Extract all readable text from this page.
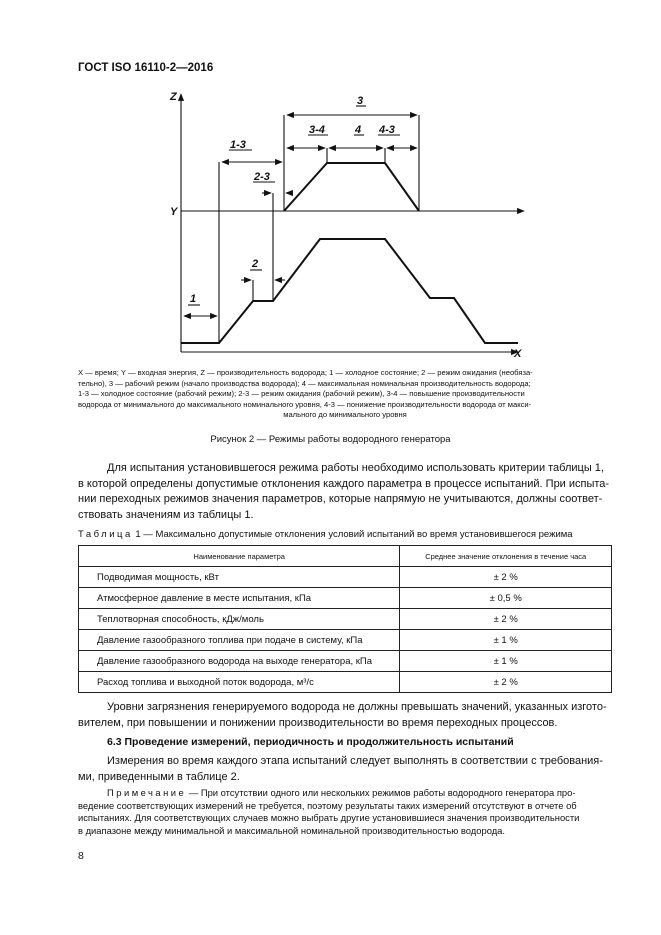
ГОСТ ISO 16110-2—2016
Z
Y
X
1
2
1-3
2-3
3
3-4	4 4-3
X — время; Y — входная энергия, Z — производительность водорода; 1 — холодное состояние; 2 — режим ожидания (необяза-
тельно), 3 — рабочий режим (начало производства водорода); 4 — максимальная номинальная производительность водорода;
1-3 — холодное состояние (рабочий режим); 2-3 — режим ожидания (рабочий режим), 3-4 — повышение производительности
водорода от минимального до максимального номинального уровня, 4-3 — понижение производительности водорода от макси-
мального до минимального уровня
Рисунок 2 — Режимы работы водородного генератора
Для испытания установившегося режима работы необходимо использовать критерии таблицы 1,
в которой определены допустимые отклонения каждого параметра в процессе испытаний. При испыта-
нии переходных режимов значения параметров, которые напрямую не учитываются, должны соответ-
ствовать значениям из таблицы 1.
Таблица 1 — Максимально допустимые отклонения условий испытаний во время установившегося режима
Наименование параметра	Среднее значение отклонения в течение часа
Подводимая мощность, кВт	± 2 %
Атмосферное давление в месте испытания, кПа	± 0,5 %
Теплотворная способность, кДж/моль	± 2 %
Давление газообразного топлива при подаче в систему, кПа	± 1 %
Давление газообразного водорода на выходе генератора, кПа	± 1 %
Расход топлива и выходной поток водорода, м³/с	± 2 %
Уровни загрязнения генерируемого водорода не должны превышать значений, указанных изгото-
вителем, при повышении и понижении производительности во время переходных процессов.
6.3 Проведение измерений, периодичность и продолжительность испытаний
Измерения во время каждого этапа испытаний следует выполнять в соответствии с требования-
ми, приведенными в таблице 2.
Примечание — При отсутствии одного или нескольких режимов работы водородного генератора про-
ведение соответствующих измерений не требуется, поэтому результаты таких измерений отсутствуют в отчете об
испытаниях. Для соответствующих случаев можно выбрать другие установившиеся значения производительности
в диапазоне между минимальной и максимальной номинальной производительностью водорода.
8
